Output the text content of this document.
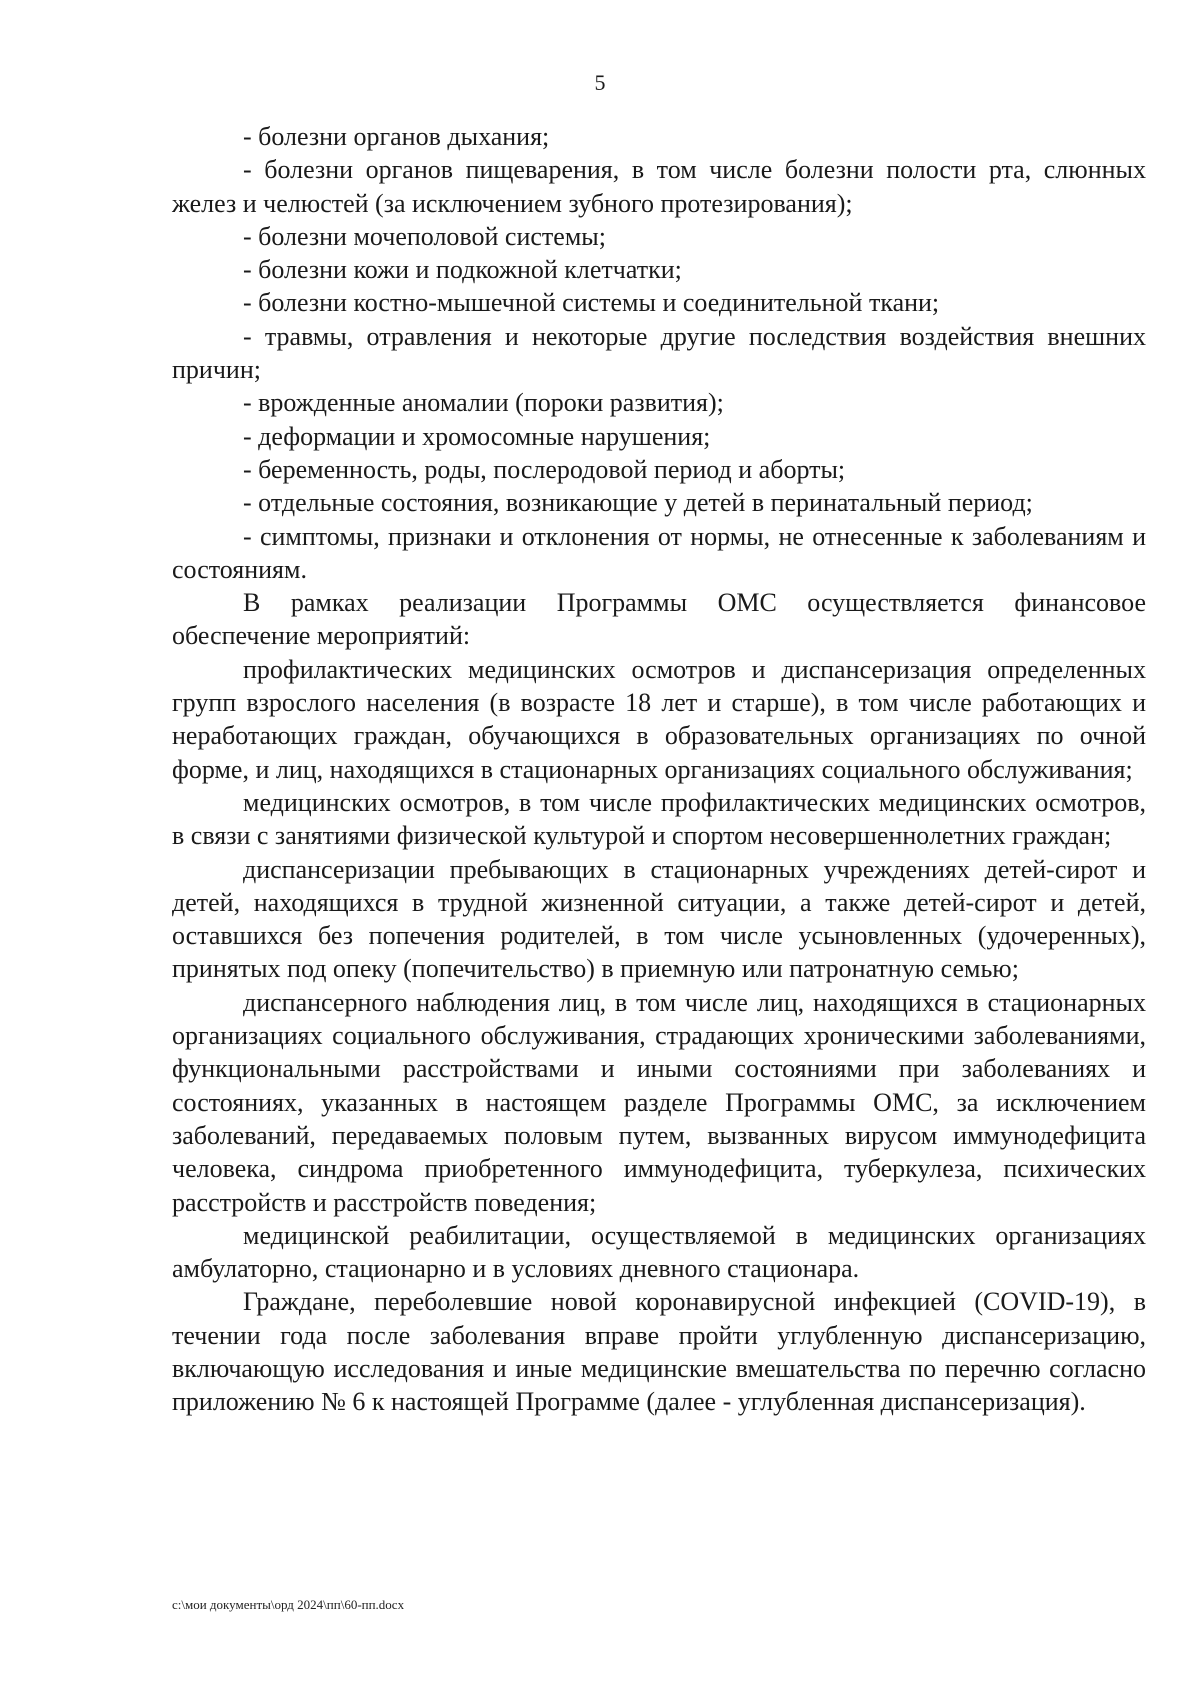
5

- болезни органов дыхания;

- болезни органов пищеварения, в том числе болезни полости рта, слюнных желез и челюстей (за исключением зубного протезирования);

- болезни мочеполовой системы;

- болезни кожи и подкожной клетчатки;

- болезни костно-мышечной системы и соединительной ткани;

- травмы, отравления и некоторые другие последствия воздействия внешних причин;

- врожденные аномалии (пороки развития);

- деформации и хромосомные нарушения;

- беременность, роды, послеродовой период и аборты;

- отдельные состояния, возникающие у детей в перинатальный период;

- симптомы, признаки и отклонения от нормы, не отнесенные к заболеваниям и состояниям.

В рамках реализации Программы ОМС осуществляется финансовое обеспечение мероприятий:

профилактических медицинских осмотров и диспансеризация определенных групп взрослого населения (в возрасте 18 лет и старше), в том числе работающих и неработающих граждан, обучающихся в образовательных организациях по очной форме, и лиц, находящихся в стационарных организациях социального обслуживания;

медицинских осмотров, в том числе профилактических медицинских осмотров, в связи с занятиями физической культурой и спортом несовершеннолетних граждан;

диспансеризации пребывающих в стационарных учреждениях детей-сирот и детей, находящихся в трудной жизненной ситуации, а также детей-сирот и детей, оставшихся без попечения родителей, в том числе усыновленных (удочеренных), принятых под опеку (попечительство) в приемную или патронатную семью;

диспансерного наблюдения лиц, в том числе лиц, находящихся в стационарных организациях социального обслуживания, страдающих хроническими заболеваниями, функциональными расстройствами и иными состояниями при заболеваниях и состояниях, указанных в настоящем разделе Программы ОМС, за исключением заболеваний, передаваемых половым путем, вызванных вирусом иммунодефицита человека, синдрома приобретенного иммунодефицита, туберкулеза, психических расстройств и расстройств поведения;

медицинской реабилитации, осуществляемой в медицинских организациях амбулаторно, стационарно и в условиях дневного стационара.

Граждане, переболевшие новой коронавирусной инфекцией (COVID-19), в течении года после заболевания вправе пройти углубленную диспансеризацию, включающую исследования и иные медицинские вмешательства по перечню согласно приложению № 6 к настоящей Программе (далее - углубленная диспансеризация).

c:\мои документы\орд 2024\пп\60-пп.docx
